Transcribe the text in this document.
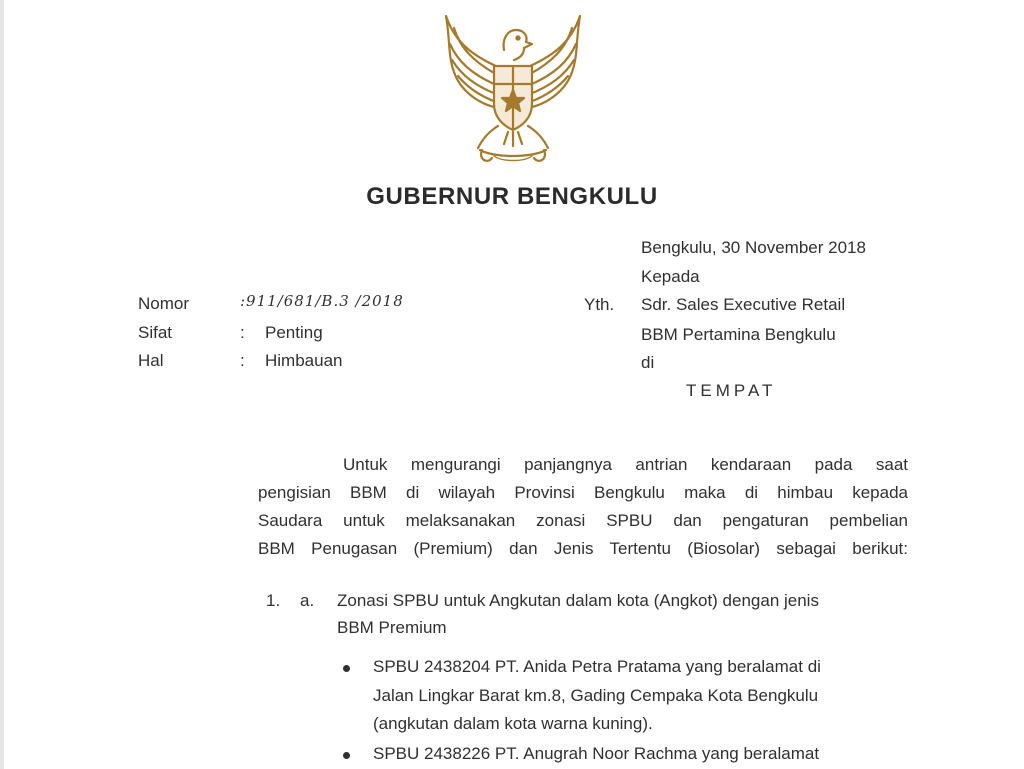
GUBERNUR BENGKULU
Bengkulu, 30 November 2018
Kepada
Yth. Sdr. Sales Executive Retail
BBM Pertamina Bengkulu
di
TEMPAT
Nomor	:911/681/B.3 /2018
Sifat	: Penting
Hal	: Himbauan
Untuk mengurangi panjangnya antrian kendaraan pada saat
pengisian BBM di wilayah Provinsi Bengkulu maka di himbau kepada
Saudara untuk melaksanakan zonasi SPBU dan pengaturan pembelian
BBM Penugasan (Premium) dan Jenis Tertentu (Biosolar) sebagai berikut:
1. a. Zonasi SPBU untuk Angkutan dalam kota (Angkot) dengan jenis
BBM Premium
SPBU 2438204 PT. Anida Petra Pratama yang beralamat di
Jalan Lingkar Barat km.8, Gading Cempaka Kota Bengkulu
(angkutan dalam kota warna kuning).
SPBU 2438226 PT. Anugrah Noor Rachma yang beralamat
